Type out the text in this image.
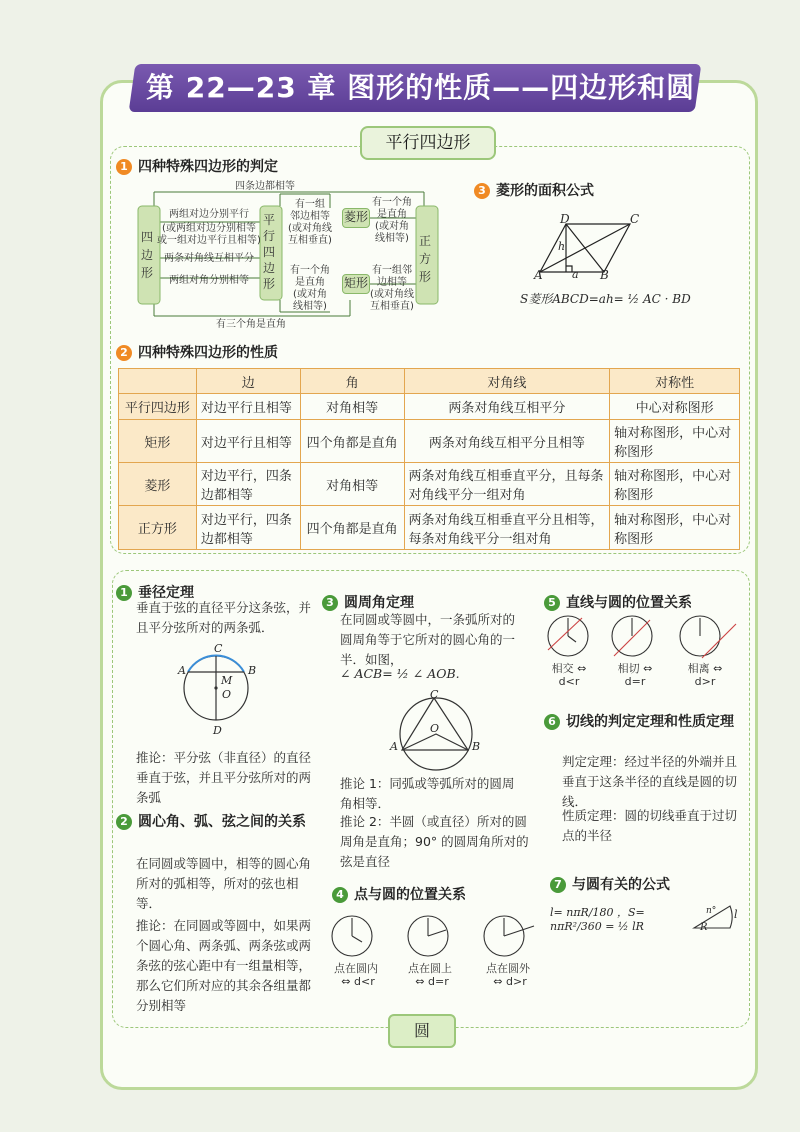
第 22—23 章 图形的性质——四边形和圆
平行四边形
1 四种特殊四边形的判定
四条边都相等
四边形
平行四边形
正方形
菱形
矩形
两组对边分别平行
(或两组对边分别相等
或一组对边平行且相等)
两条对角线互相平分
两组对角分别相等
有一组
邻边相等
(或对角线
互相垂直)
有一个角
是直角
(或对角
线相等)
有一个角
是直角
(或对角
线相等)
有一组邻
边相等
(或对角线
互相垂直)
有三个角是直角
3 菱形的面积公式
D	C
A	B
h
a
S菱形ABCD=ah= ½ AC · BD
2 四种特殊四边形的性质
	边	角	对角线	对称性
平行四边形	对边平行且相等	对角相等	两条对角线互相平分	中心对称图形
矩形	对边平行且相等	四个角都是直角	两条对角线互相平分且相等	轴对称图形，中心对称图形
菱形	对边平行，四条边都相等	对角相等	两条对角线互相垂直平分，且每条对角线平分一组对角	轴对称图形，中心对称图形
正方形	对边平行，四条边都相等	四个角都是直角	两条对角线互相垂直平分且相等，每条对角线平分一组对角	轴对称图形，中心对称图形
1 垂径定理
垂直于弦的直径平分这条弦，并且平分弦所对的两条弧．
C
A	B
M
O
D
推论：平分弦（非直径）的直径垂直于弦，并且平分弦所对的两条弧
2 圆心角、弧、弦之间的关系
在同圆或等圆中，相等的圆心角所对的弧相等，所对的弦也相等．
推论：在同圆或等圆中，如果两个圆心角、两条弧、两条弦或两条弦的弦心距中有一组量相等，那么它们所对应的其余各组量都分别相等
3 圆周角定理
在同圆或等圆中，一条弧所对的圆周角等于它所对的圆心角的一半．如图，
∠ ACB= ½ ∠ AOB.
C
O
A	B
推论 1：同弧或等弧所对的圆周角相等．
推论 2：半圆（或直径）所对的圆周角是直角；90° 的圆周角所对的弦是直径
4 点与圆的位置关系
点在圆内
⇔ d<r
点在圆上
⇔ d=r
点在圆外
⇔ d>r
5 直线与圆的位置关系
相交 ⇔
d<r
相切 ⇔
d=r
相离 ⇔
d>r
6 切线的判定定理和性质定理
判定定理：经过半径的外端并且垂直于这条半径的直线是圆的切线．
性质定理：圆的切线垂直于过切点的半径
7 与圆有关的公式
l= nπR/180 ，S= nπR²/360 = ½ lR
n°
R
l
圆
